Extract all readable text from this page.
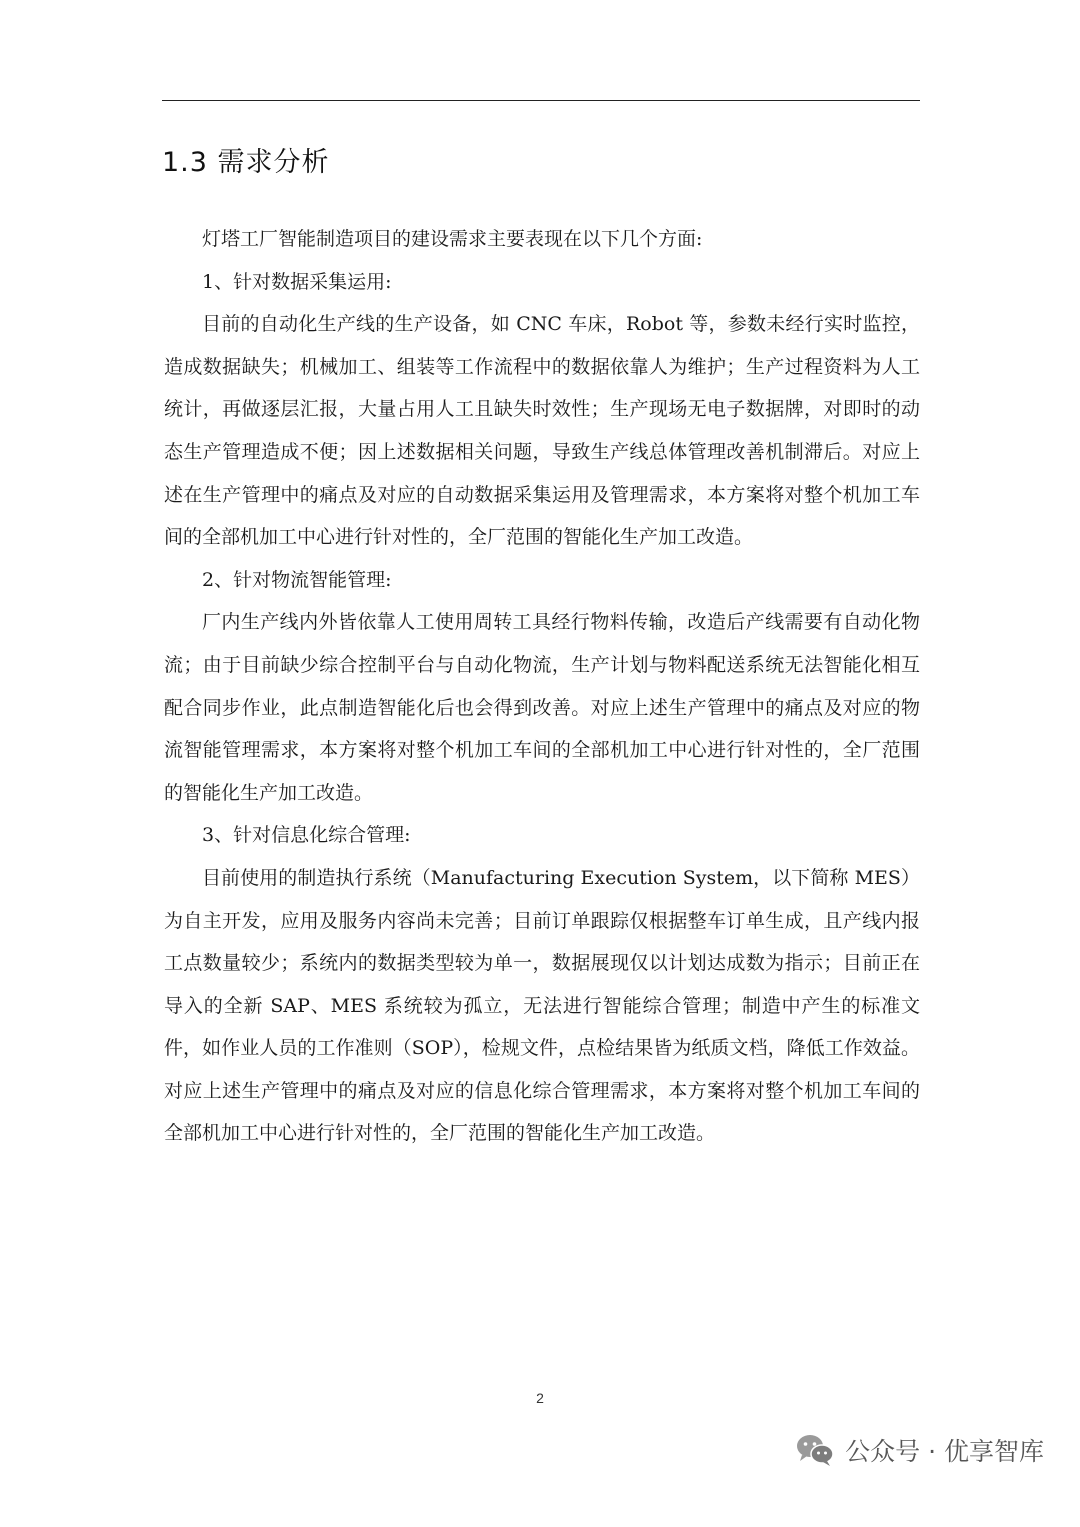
1.3 需求分析

灯塔工厂智能制造项目的建设需求主要表现在以下几个方面:

1、针对数据采集运用:

目前的自动化生产线的生产设备，如 CNC 车床，Robot 等，参数未经行实时监控，造成数据缺失；机械加工、组装等工作流程中的数据依靠人为维护；生产过程资料为人工统计，再做逐层汇报，大量占用人工且缺失时效性；生产现场无电子数据牌，对即时的动态生产管理造成不便；因上述数据相关问题，导致生产线总体管理改善机制滞后。对应上述在生产管理中的痛点及对应的自动数据采集运用及管理需求，本方案将对整个机加工车间的全部机加工中心进行针对性的，全厂范围的智能化生产加工改造。

2、针对物流智能管理:

厂内生产线内外皆依靠人工使用周转工具经行物料传输，改造后产线需要有自动化物流；由于目前缺少综合控制平台与自动化物流，生产计划与物料配送系统无法智能化相互配合同步作业，此点制造智能化后也会得到改善。对应上述生产管理中的痛点及对应的物流智能管理需求，本方案将对整个机加工车间的全部机加工中心进行针对性的，全厂范围的智能化生产加工改造。

3、针对信息化综合管理:

目前使用的制造执行系统（Manufacturing Execution System，以下简称 MES）为自主开发，应用及服务内容尚未完善；目前订单跟踪仅根据整车订单生成，且产线内报工点数量较少；系统内的数据类型较为单一，数据展现仅以计划达成数为指示；目前正在导入的全新 SAP、MES 系统较为孤立，无法进行智能综合管理；制造中产生的标准文件，如作业人员的工作准则（SOP），检规文件，点检结果皆为纸质文档，降低工作效益。对应上述生产管理中的痛点及对应的信息化综合管理需求，本方案将对整个机加工车间的全部机加工中心进行针对性的，全厂范围的智能化生产加工改造。

2
公众号 · 优享智库
